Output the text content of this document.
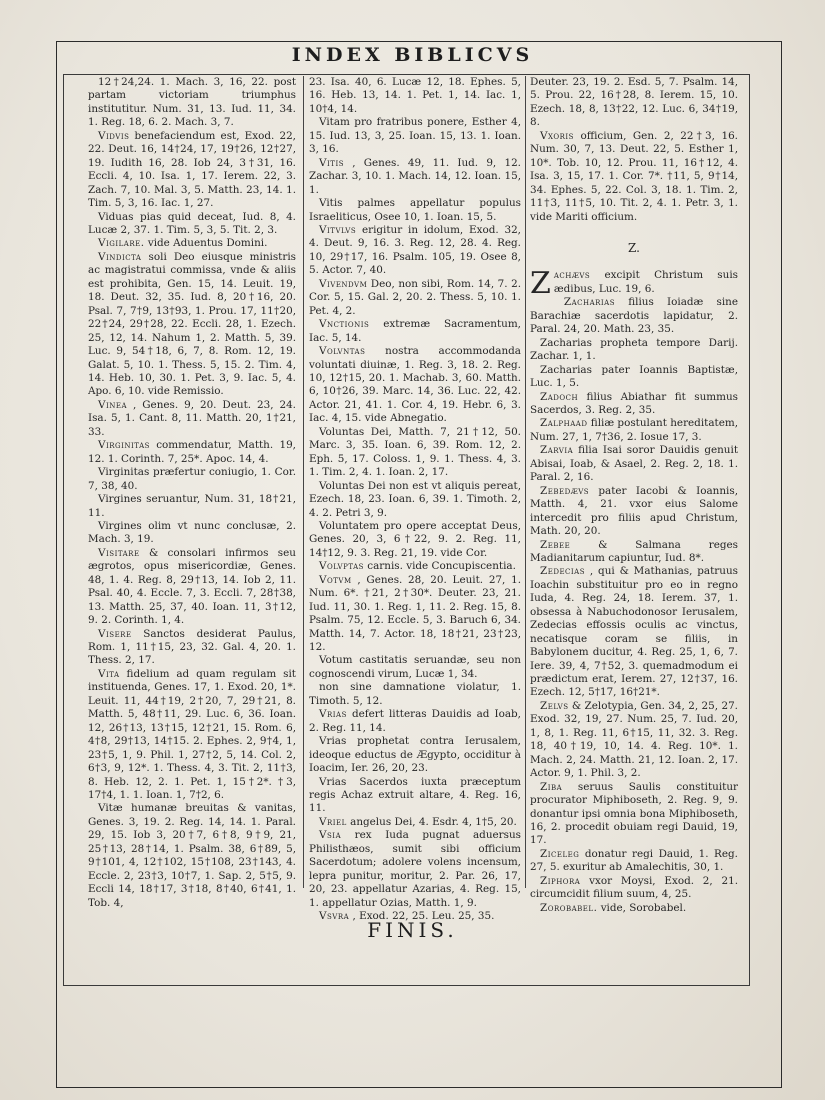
INDEX BIBLICVS

12†24,24. 1. Mach. 3, 16, 22. post partam victoriam triumphus institutitur. Num. 31, 13. Iud. 11, 34. 1. Reg. 18, 6. 2. Mach. 3, 7.

Vidvis benefaciendum est, Exod. 22, 22. Deut. 16, 14†24, 17, 19†26, 12†27, 19. Iudith 16, 28. Iob 24, 3†31, 16. Eccli. 4, 10. Isa. 1, 17. Ierem. 22, 3. Zach. 7, 10. Mal. 3, 5. Matth. 23, 14. 1. Tim. 5, 3, 16. Iac. 1, 27.

Viduas pias quid deceat, Iud. 8, 4. Lucæ 2, 37. 1. Tim. 5, 3, 5. Tit. 2, 3.

Vigilare. vide Aduentus Domini.

Vindicta soli Deo eiusque ministris ac magistratui commissa, vnde & aliis est prohibita, Gen. 15, 14. Leuit. 19, 18. Deut. 32, 35. Iud. 8, 20†16, 20. Psal. 7, 7†9, 13†93, 1. Prou. 17, 11†20, 22†24, 29†28, 22. Eccli. 28, 1. Ezech. 25, 12, 14. Nahum 1, 2. Matth. 5, 39. Luc. 9, 54†18, 6, 7, 8. Rom. 12, 19. Galat. 5, 10. 1. Thess. 5, 15. 2. Tim. 4, 14. Heb. 10, 30. 1. Pet. 3, 9. Iac. 5, 4. Apo. 6, 10. vide Remissio.

Vinea , Genes. 9, 20. Deut. 23, 24. Isa. 5, 1. Cant. 8, 11. Matth. 20, 1†21, 33.

Virginitas commendatur, Matth. 19, 12. 1. Corinth. 7, 25*. Apoc. 14, 4.

Virginitas præfertur coniugio, 1. Cor. 7, 38, 40.

Virgines seruantur, Num. 31, 18†21, 11.

Virgines olim vt nunc conclusæ, 2. Mach. 3, 19.

Visitare & consolari infirmos seu ægrotos, opus misericordiæ, Genes. 48, 1. 4. Reg. 8, 29†13, 14. Iob 2, 11. Psal. 40, 4. Eccle. 7, 3. Eccli. 7, 28†38, 13. Matth. 25, 37, 40. Ioan. 11, 3†12, 9. 2. Corinth. 1, 4.

Visere Sanctos desiderat Paulus, Rom. 1, 11†15, 23, 32. Gal. 4, 20. 1. Thess. 2, 17.

Vita fidelium ad quam regulam sit instituenda, Genes. 17, 1. Exod. 20, 1*. Leuit. 11, 44†19, 2†20, 7, 29†21, 8. Matth. 5, 48†11, 29. Luc. 6, 36. Ioan. 12, 26†13, 13†15, 12†21, 15. Rom. 6, 4†8, 29†13, 14†15. 2. Ephes. 2, 9†4, 1, 23†5, 1, 9. Phil. 1, 27†2, 5, 14. Col. 2, 6†3, 9, 12*. 1. Thess. 4, 3. Tit. 2, 11†3, 8. Heb. 12, 2. 1. Pet. 1, 15†2*. †3, 17†4, 1. 1. Ioan. 1, 7†2, 6.

Vitæ humanæ breuitas & vanitas, Genes. 3, 19. 2. Reg. 14, 14. 1. Paral. 29, 15. Iob 3, 20†7, 6†8, 9†9, 21, 25†13, 28†14, 1. Psalm. 38, 6†89, 5, 9†101, 4, 12†102, 15†108, 23†143, 4. Eccle. 2, 23†3, 10†7, 1. Sap. 2, 5†5, 9. Eccli 14, 18†17, 3†18, 8†40, 6†41, 1. Tob. 4,

23. Isa. 40, 6. Lucæ 12, 18. Ephes. 5, 16. Heb. 13, 14. 1. Pet. 1, 14. Iac. 1, 10†4, 14.

Vitam pro fratribus ponere, Esther 4, 15. Iud. 13, 3, 25. Ioan. 15, 13. 1. Ioan. 3, 16.

Vitis , Genes. 49, 11. Iud. 9, 12. Zachar. 3, 10. 1. Mach. 14, 12. Ioan. 15, 1.

Vitis palmes appellatur populus Israeliticus, Osee 10, 1. Ioan. 15, 5.

Vitvlvs erigitur in idolum, Exod. 32, 4. Deut. 9, 16. 3. Reg. 12, 28. 4. Reg. 10, 29†17, 16. Psalm. 105, 19. Osee 8, 5. Actor. 7, 40.

Vivendvm Deo, non sibi, Rom. 14, 7. 2. Cor. 5, 15. Gal. 2, 20. 2. Thess. 5, 10. 1. Pet. 4, 2.

Vnctionis extremæ Sacramentum, Iac. 5, 14.

Volvntas nostra accommodanda voluntati diuinæ, 1. Reg. 3, 18. 2. Reg. 10, 12†15, 20. 1. Machab. 3, 60. Matth. 6, 10†26, 39. Marc. 14, 36. Luc. 22, 42. Actor. 21, 41. 1. Cor. 4, 19. Hebr. 6, 3. Iac. 4, 15. vide Abnegatio.

Voluntas Dei, Matth. 7, 21†12, 50. Marc. 3, 35. Ioan. 6, 39. Rom. 12, 2. Eph. 5, 17. Coloss. 1, 9. 1. Thess. 4, 3. 1. Tim. 2, 4. 1. Ioan. 2, 17.

Voluntas Dei non est vt aliquis pereat, Ezech. 18, 23. Ioan. 6, 39. 1. Timoth. 2, 4. 2. Petri 3, 9.

Voluntatem pro opere acceptat Deus, Genes. 20, 3, 6†22, 9. 2. Reg. 11, 14†12, 9. 3. Reg. 21, 19. vide Cor.

Volvptas carnis. vide Concupiscentia.

Votvm , Genes. 28, 20. Leuit. 27, 1. Num. 6*. †21, 2†30*. Deuter. 23, 21. Iud. 11, 30. 1. Reg. 1, 11. 2. Reg. 15, 8. Psalm. 75, 12. Eccle. 5, 3. Baruch 6, 34. Matth. 14, 7. Actor. 18, 18†21, 23†23, 12.

Votum castitatis seruandæ, seu non cognoscendi virum, Lucæ 1, 34.

non sine damnatione violatur, 1. Timoth. 5, 12.

Vrias defert litteras Dauidis ad Ioab, 2. Reg. 11, 14.

Vrias prophetat contra Ierusalem, ideoque eductus de Ægypto, occiditur à Ioacim, Ier. 26, 20, 23.

Vrias Sacerdos iuxta præceptum regis Achaz extruit altare, 4. Reg. 16, 11.

Vriel angelus Dei, 4. Esdr. 4, 1†5, 20.

Vsia rex Iuda pugnat aduersus Philisthæos, sumit sibi officium Sacerdotum; adolere volens incensum, lepra punitur, moritur, 2. Par. 26, 17, 20, 23. appellatur Azarias, 4. Reg. 15, 1. appellatur Ozias, Matth. 1, 9.

Vsvra , Exod. 22, 25. Leu. 25, 35.

Deuter. 23, 19. 2. Esd. 5, 7. Psalm. 14, 5. Prou. 22, 16†28, 8. Ierem. 15, 10. Ezech. 18, 8, 13†22, 12. Luc. 6, 34†19, 8.

Vxoris officium, Gen. 2, 22†3, 16. Num. 30, 7, 13. Deut. 22, 5. Esther 1, 10*. Tob. 10, 12. Prou. 11, 16†12, 4. Isa. 3, 15, 17. 1. Cor. 7*. †11, 5, 9†14, 34. Ephes. 5, 22. Col. 3, 18. 1. Tim. 2, 11†3, 11†5, 10. Tit. 2, 4. 1. Petr. 3, 1. vide Mariti officium.

Z.

Zachævs excipit Christum suis ædibus, Luc. 19, 6.

Zacharias filius Ioiadæ sine Barachiæ sacerdotis lapidatur, 2. Paral. 24, 20. Math. 23, 35.

Zacharias propheta tempore Darij. Zachar. 1, 1.

Zacharias pater Ioannis Baptistæ, Luc. 1, 5.

Zadoch filius Abiathar fit summus Sacerdos, 3. Reg. 2, 35.

Zalphaad filiæ postulant hereditatem, Num. 27, 1, 7†36, 2. Iosue 17, 3.

Zarvia filia Isai soror Dauidis genuit Abisai, Ioab, & Asael, 2. Reg. 2, 18. 1. Paral. 2, 16.

Zebedævs pater Iacobi & Ioannis, Matth. 4, 21. vxor eius Salome intercedit pro filiis apud Christum, Math. 20, 20.

Zebee	& Salmana reges Madianitarum capiuntur, Iud. 8*.

Zedecias , qui & Mathanias, patruus Ioachin substituitur pro eo in regno Iuda, 4. Reg. 24, 18. Ierem. 37, 1. obsessa à Nabuchodonosor Ierusalem, Zedecias effossis oculis ac vinctus, necatisque coram se filiis, in Babylonem ducitur, 4. Reg. 25, 1, 6, 7. Iere. 39, 4, 7†52, 3. quemadmodum ei prædictum erat, Ierem. 27, 12†37, 16. Ezech. 12, 5†17, 16†21*.

Zelvs & Zelotypia, Gen. 34, 2, 25, 27. Exod. 32, 19, 27. Num. 25, 7. Iud. 20, 1, 8, 1. Reg. 11, 6†15, 11, 32. 3. Reg. 18, 40†19, 10, 14. 4. Reg. 10*. 1. Mach. 2, 24. Matth. 21, 12. Ioan. 2, 17. Actor. 9, 1. Phil. 3, 2.

Ziba seruus Saulis constituitur procurator Miphiboseth, 2. Reg. 9, 9. donantur ipsi omnia bona Miphiboseth, 16, 2. procedit obuiam regi Dauid, 19, 17.

Ziceleg donatur regi Dauid, 1. Reg. 27, 5. exuritur ab Amalechitis, 30, 1.

Ziphora vxor Moysi, Exod. 2, 21. circumcidit filium suum, 4, 25.

Zorobabel. vide, Sorobabel.

FINIS.
